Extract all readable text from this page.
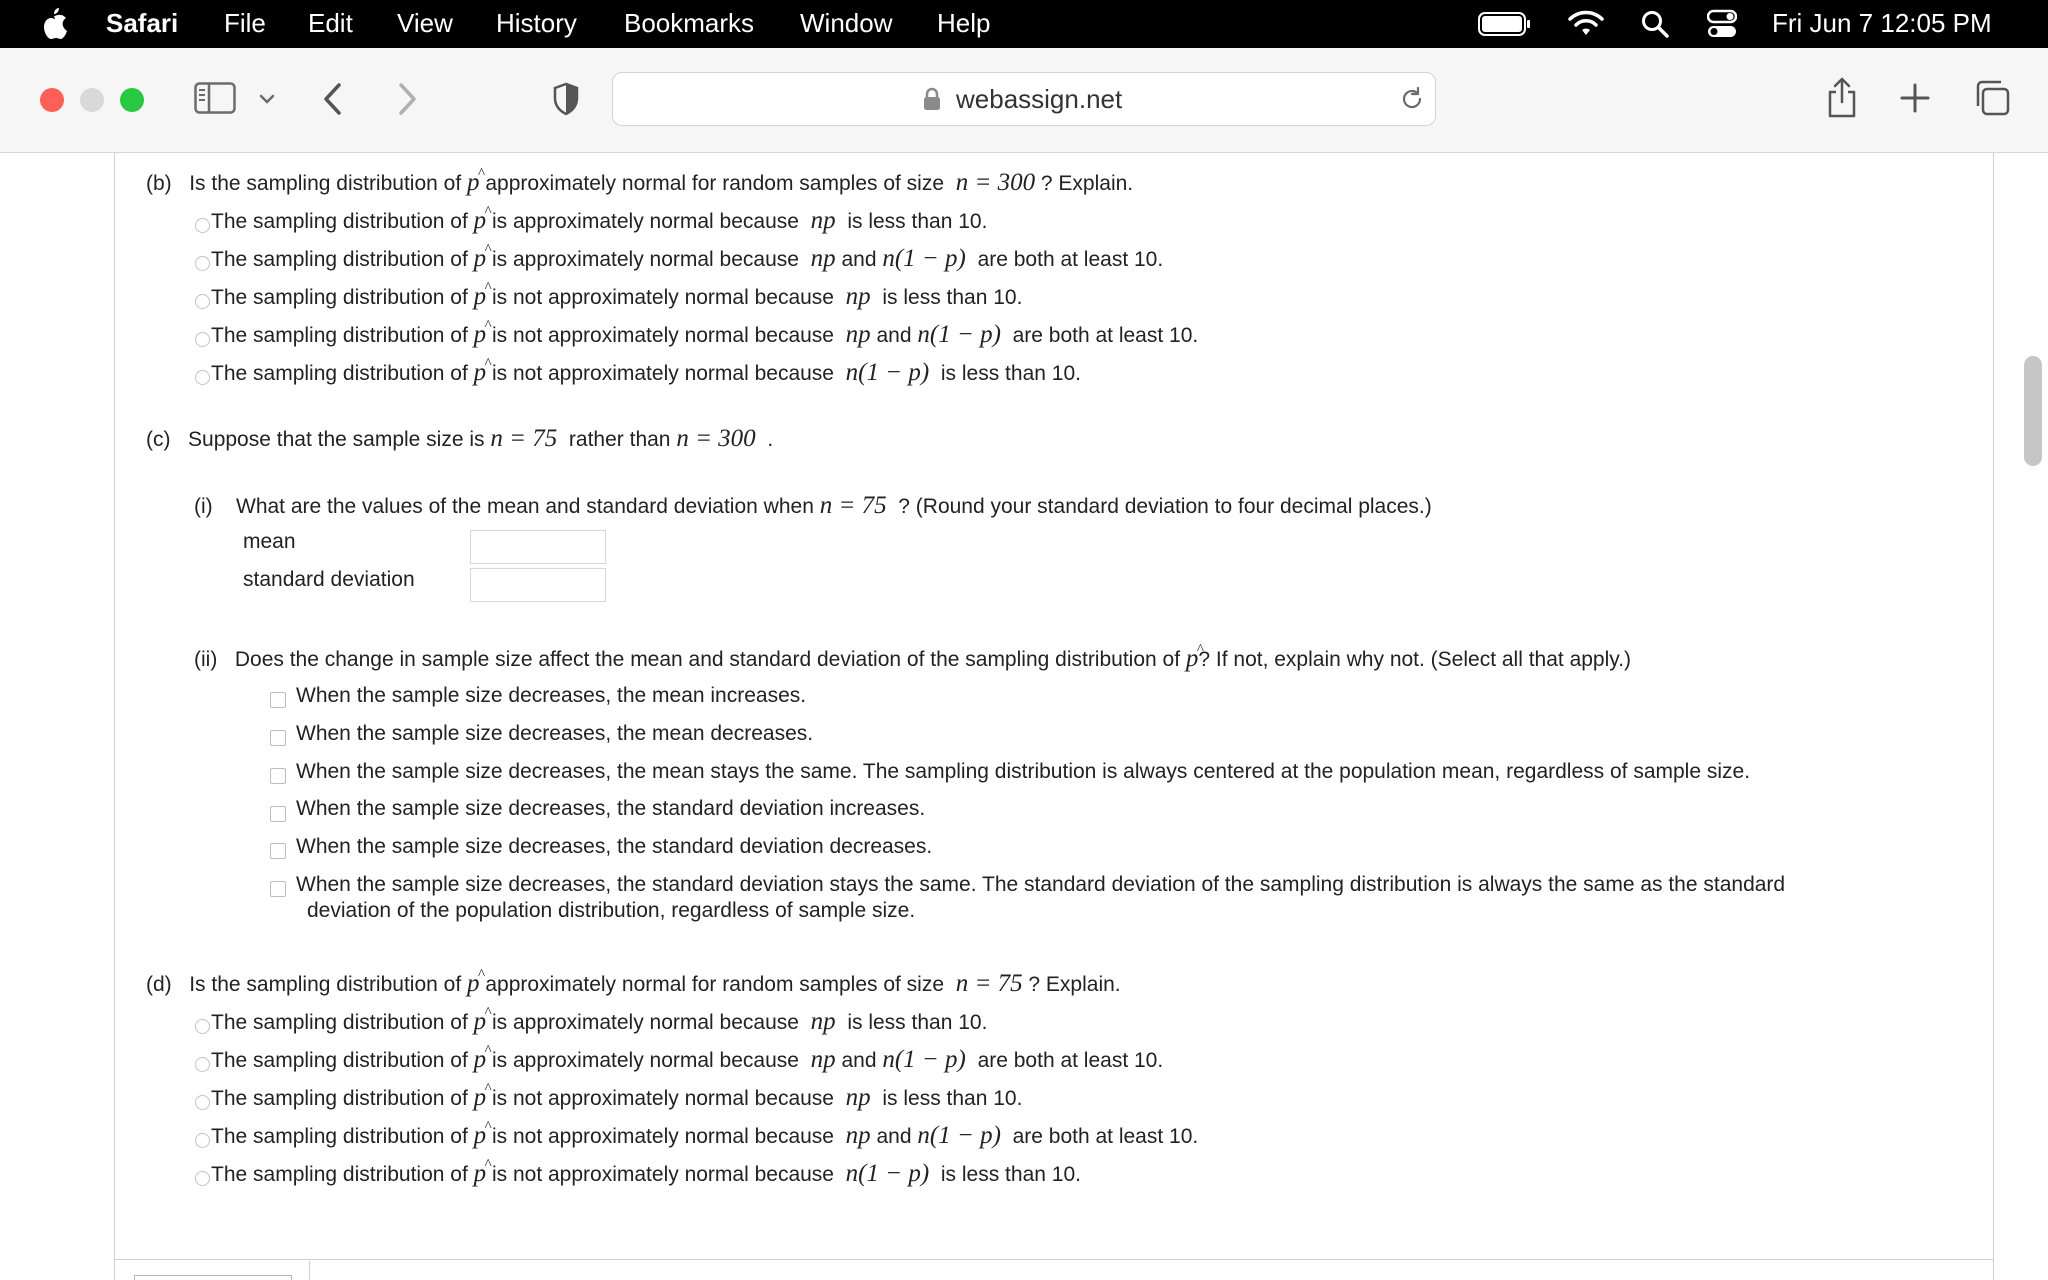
Safari File Edit View History Bookmarks Window Help	Fri Jun 7 12:05 PM
webassign.net
(b) Is the sampling distribution of p ^ approximately normal for random samples of size  n = 300 ? Explain.
The sampling distribution of p ^ is approximately normal because  np  is less than 10.
The sampling distribution of p ^ is approximately normal because  np and n(1 − p)  are both at least 10.
The sampling distribution of p ^ is not approximately normal because  np  is less than 10.
The sampling distribution of p ^ is not approximately normal because  np and n(1 − p)  are both at least 10.
The sampling distribution of p ^ is not approximately normal because  n(1 − p)  is less than 10.
(c) Suppose that the sample size is n = 75  rather than n = 300  .
(i) What are the values of the mean and standard deviation when n = 75  ? (Round your standard deviation to four decimal places.)
mean
standard deviation
(ii) Does the change in sample size affect the mean and standard deviation of the sampling distribution of p ^? If not, explain why not. (Select all that apply.)
When the sample size decreases, the mean increases.
When the sample size decreases, the mean decreases.
When the sample size decreases, the mean stays the same. The sampling distribution is always centered at the population mean, regardless of sample size.
When the sample size decreases, the standard deviation increases.
When the sample size decreases, the standard deviation decreases.
When the sample size decreases, the standard deviation stays the same. The standard deviation of the sampling distribution is always the same as the standard
deviation of the population distribution, regardless of sample size.
(d) Is the sampling distribution of p ^ approximately normal for random samples of size  n = 75 ? Explain.
The sampling distribution of p ^ is approximately normal because  np  is less than 10.
The sampling distribution of p ^ is approximately normal because  np and n(1 − p)  are both at least 10.
The sampling distribution of p ^ is not approximately normal because  np  is less than 10.
The sampling distribution of p ^ is not approximately normal because  np and n(1 − p)  are both at least 10.
The sampling distribution of p ^ is not approximately normal because  n(1 − p)  is less than 10.
